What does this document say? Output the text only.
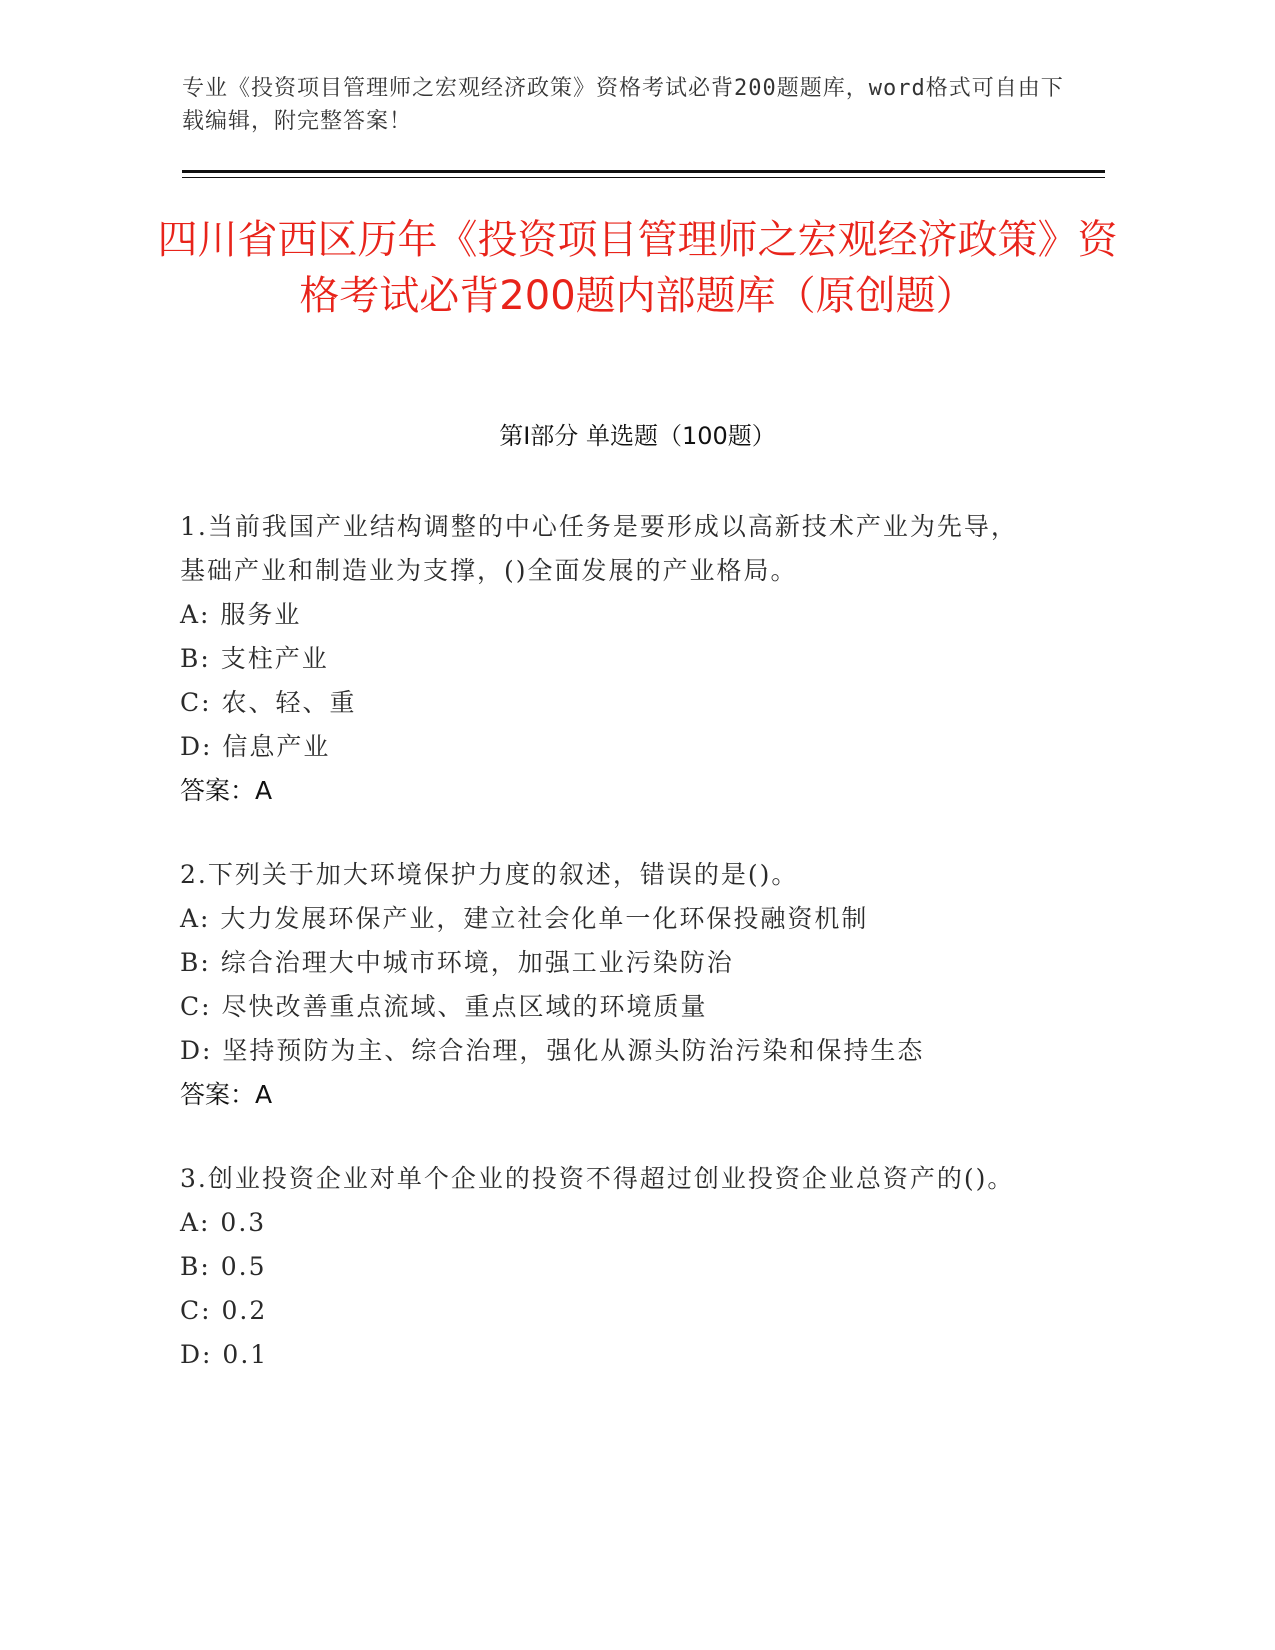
专业《投资项目管理师之宏观经济政策》资格考试必背200题题库，word格式可自由下载编辑，附完整答案！
四川省西区历年《投资项目管理师之宏观经济政策》资格考试必背200题内部题库（原创题）
第I部分 单选题（100题）
1.当前我国产业结构调整的中心任务是要形成以高新技术产业为先导，基础产业和制造业为支撑，()全面发展的产业格局。
A: 服务业
B: 支柱产业
C: 农、轻、重
D: 信息产业
答案：A
2.下列关于加大环境保护力度的叙述，错误的是()。
A: 大力发展环保产业，建立社会化单一化环保投融资机制
B: 综合治理大中城市环境，加强工业污染防治
C: 尽快改善重点流域、重点区域的环境质量
D: 坚持预防为主、综合治理，强化从源头防治污染和保持生态
答案：A
3.创业投资企业对单个企业的投资不得超过创业投资企业总资产的()。
A: 0.3
B: 0.5
C: 0.2
D: 0.1
